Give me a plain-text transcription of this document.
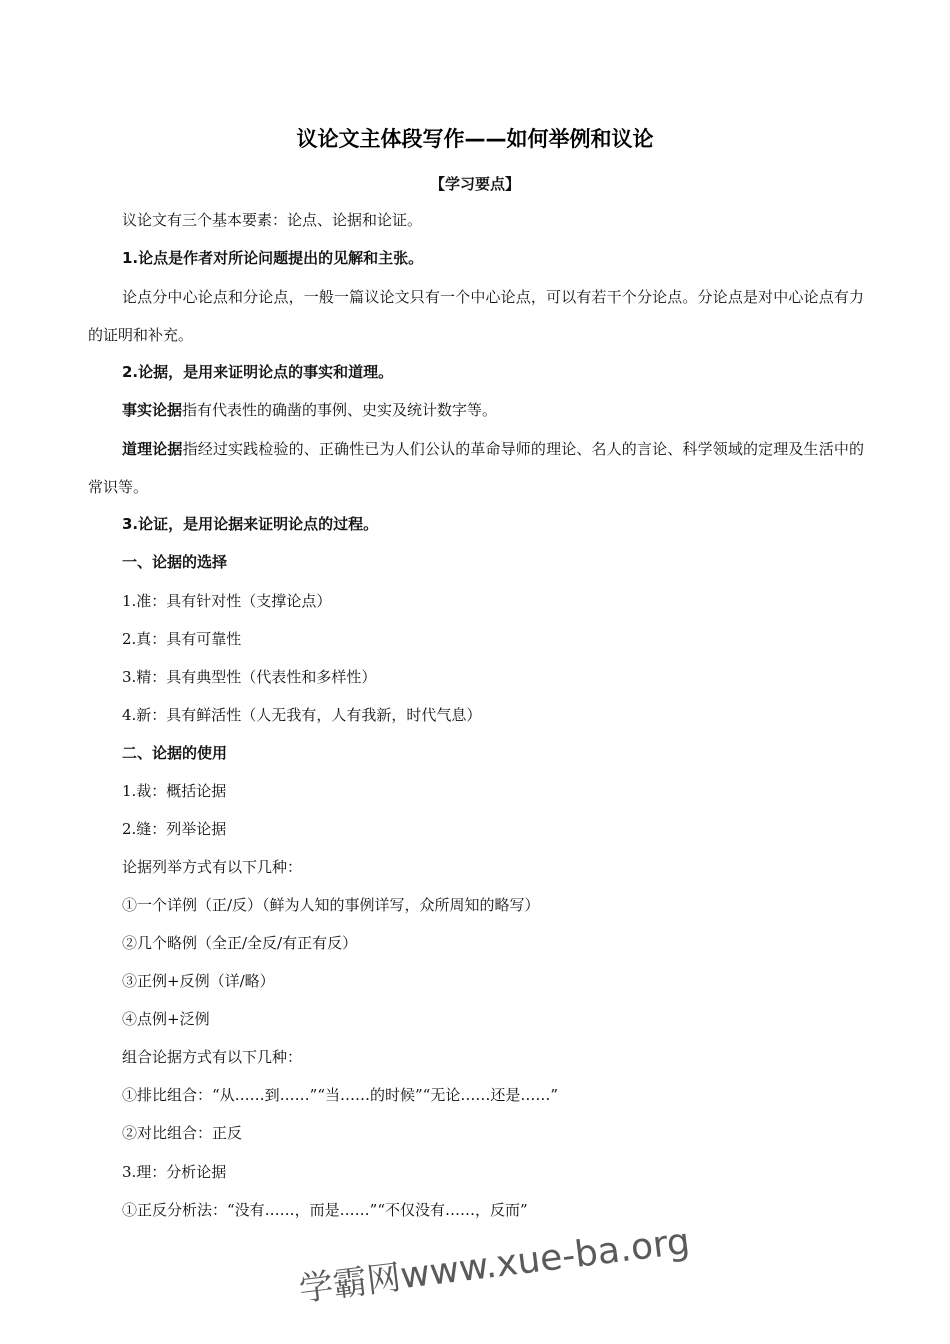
议论文主体段写作——如何举例和议论
【学习要点】
议论文有三个基本要素：论点、论据和论证。
1.论点是作者对所论问题提出的见解和主张。
论点分中心论点和分论点，一般一篇议论文只有一个中心论点，可以有若干个分论点。分论点是对中心论点有力的证明和补充。
2.论据，是用来证明论点的事实和道理。
事实论据指有代表性的确凿的事例、史实及统计数字等。
道理论据指经过实践检验的、正确性已为人们公认的革命导师的理论、名人的言论、科学领域的定理及生活中的常识等。
3.论证，是用论据来证明论点的过程。
一、论据的选择
1.准：具有针对性（支撑论点）
2.真：具有可靠性
3.精：具有典型性（代表性和多样性）
4.新：具有鲜活性（人无我有，人有我新，时代气息）
二、论据的使用
1.裁：概括论据
2.缝：列举论据
论据列举方式有以下几种：
①一个详例（正/反）（鲜为人知的事例详写，众所周知的略写）
②几个略例（全正/全反/有正有反）
③正例+反例（详/略）
④点例+泛例
组合论据方式有以下几种：
①排比组合：“从……到……”“当……的时候”“无论……还是……”
②对比组合：正反
3.理：分析论据
①正反分析法：“没有……，而是……”“不仅没有……，反而”
学霸网www.xue-ba.org
